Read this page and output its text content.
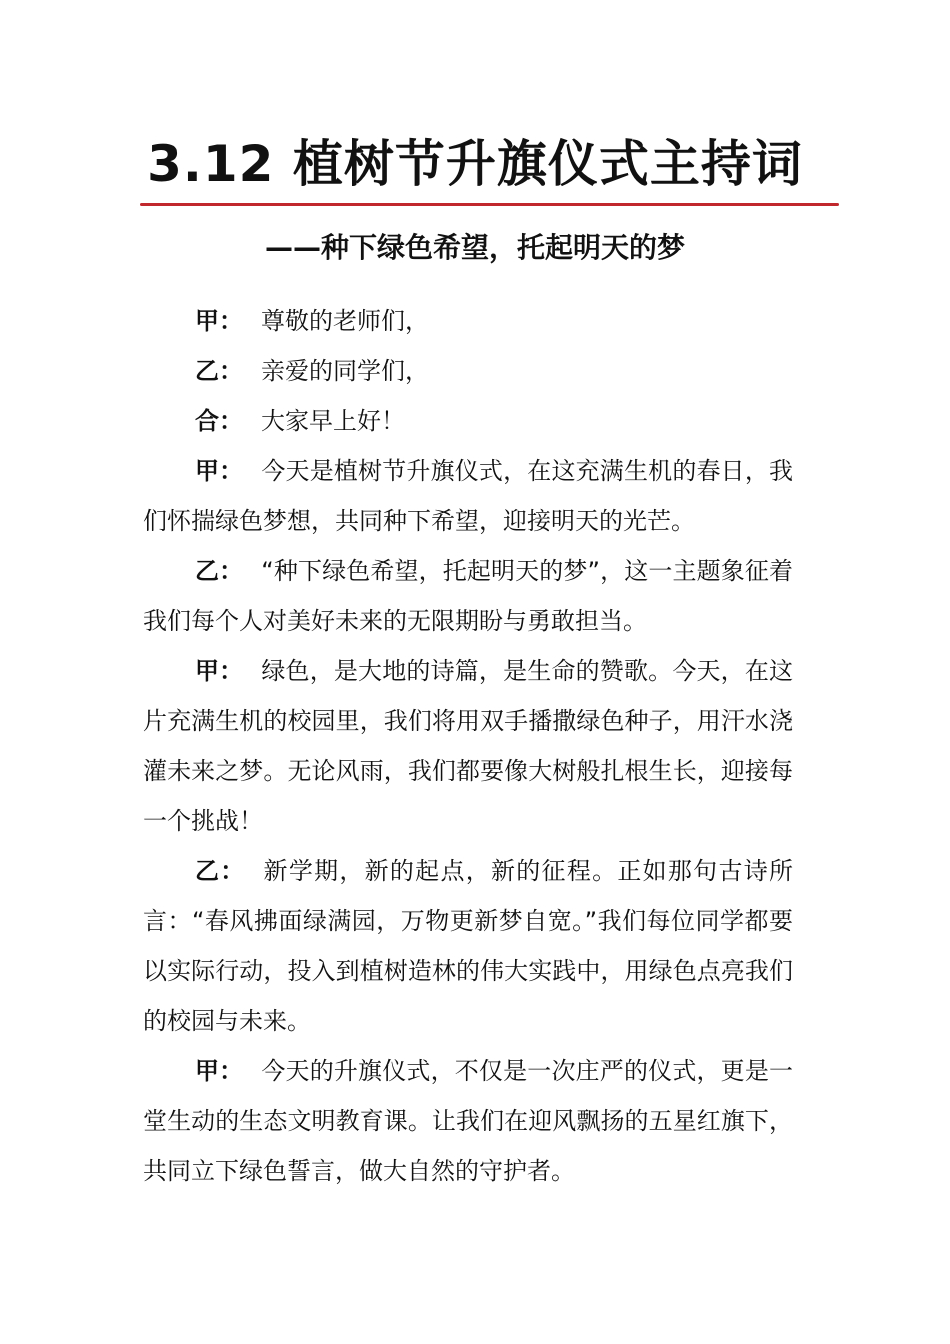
3.12 植树节升旗仪式主持词
——种下绿色希望，托起明天的梦

甲： 尊敬的老师们，

乙： 亲爱的同学们，

合： 大家早上好！

甲： 今天是植树节升旗仪式，在这充满生机的春日，我们怀揣绿色梦想，共同种下希望，迎接明天的光芒。

乙： “种下绿色希望，托起明天的梦”，这一主题象征着我们每个人对美好未来的无限期盼与勇敢担当。

甲： 绿色，是大地的诗篇，是生命的赞歌。今天，在这片充满生机的校园里，我们将用双手播撒绿色种子，用汗水浇灌未来之梦。无论风雨，我们都要像大树般扎根生长，迎接每一个挑战！

乙： 新学期，新的起点，新的征程。正如那句古诗所言：“春风拂面绿满园，万物更新梦自宽。”我们每位同学都要以实际行动，投入到植树造林的伟大实践中，用绿色点亮我们的校园与未来。

甲： 今天的升旗仪式，不仅是一次庄严的仪式，更是一堂生动的生态文明教育课。让我们在迎风飘扬的五星红旗下，共同立下绿色誓言，做大自然的守护者。
